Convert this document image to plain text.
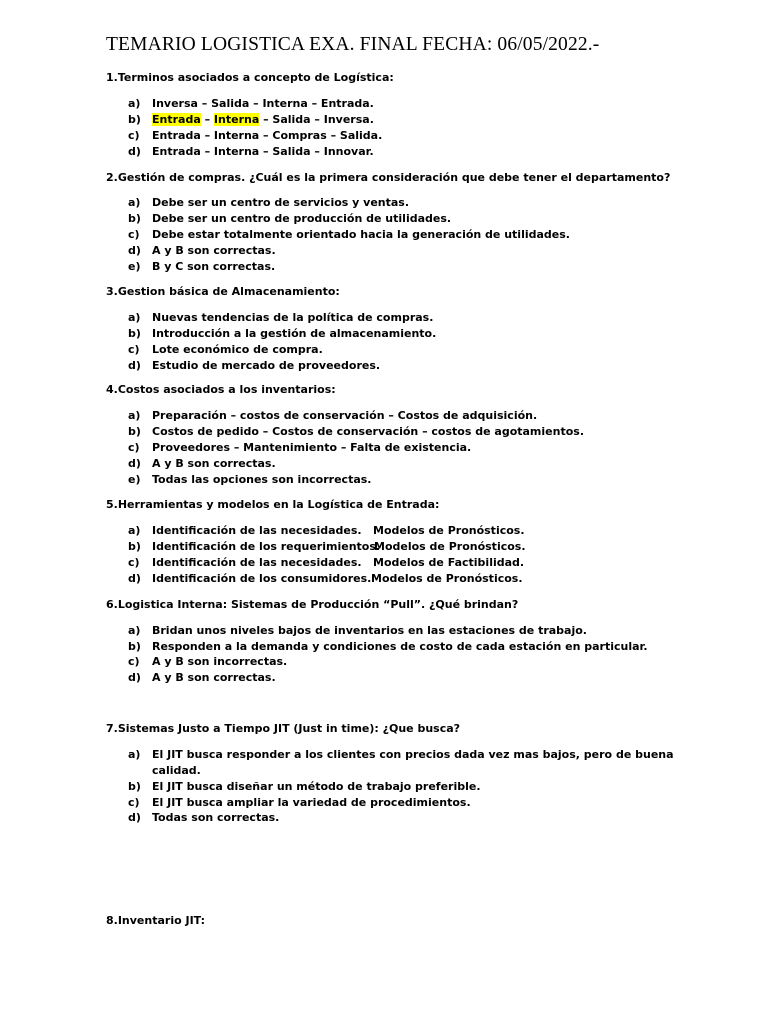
TEMARIO LOGISTICA EXA. FINAL FECHA: 06/05/2022.-
1.Terminos asociados a concepto de Logística:
a) Inversa – Salida – Interna – Entrada.
b) Entrada – Interna – Salida – Inversa.
c) Entrada – Interna – Compras – Salida.
d) Entrada – Interna – Salida – Innovar.
2.Gestión de compras. ¿Cuál es la primera consideración que debe tener el departamento?
a) Debe ser un centro de servicios y ventas.
b) Debe ser un centro de producción de utilidades.
c) Debe estar totalmente orientado hacia la generación de utilidades.
d) A y B son correctas.
e) B y C son correctas.
3.Gestion básica de Almacenamiento:
a) Nuevas tendencias de la política de compras.
b) Introducción a la gestión de almacenamiento.
c) Lote económico de compra.
d) Estudio de mercado de proveedores.
4.Costos asociados a los inventarios:
a) Preparación – costos de conservación – Costos de adquisición.
b) Costos de pedido – Costos de conservación – costos de agotamientos.
c) Proveedores – Mantenimiento – Falta de existencia.
d) A y B son correctas.
e) Todas las opciones son incorrectas.
5.Herramientas y modelos en la Logística de Entrada:
a) Identificación de las necesidades. Modelos de Pronósticos.
b) Identificación de los requerimientos.
Modelos de Pronósticos.
c) Identificación de las necesidades. Modelos de Factibilidad.
d) Identificación de los consumidores. Modelos de Pronósticos.
6.Logistica Interna: Sistemas de Producción “Pull”. ¿Qué brindan?
a) Bridan unos niveles bajos de inventarios en las estaciones de trabajo.
b) Responden a la demanda y condiciones de costo de cada estación en particular.
c) A y B son incorrectas.
d) A y B son correctas.
7.Sistemas Justo a Tiempo JIT (Just in time): ¿Que busca?
a) El JIT busca responder a los clientes con precios dada vez mas bajos, pero de buena
calidad.
b) El JIT busca diseñar un método de trabajo preferible.
c) El JIT busca ampliar la variedad de procedimientos.
d) Todas son correctas.
8.Inventario JIT:
